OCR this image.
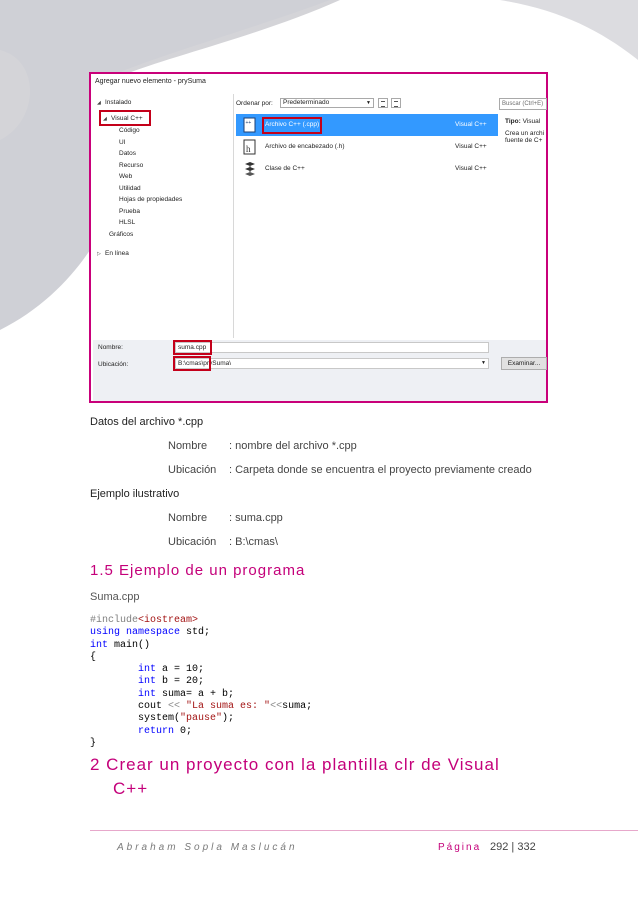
Agregar nuevo elemento - prySuma
◢ Instalado
◢ Visual C++
Código
UI
Datos
Recurso
Web
Utilidad
Hojas de propiedades
Prueba
HLSL
Gráficos
▷ En línea
Ordenar por:	Predeterminado	▼	Buscar (Ctrl+E)
++ Archivo C++ (.cpp)	Visual C++
h Archivo de encabezado (.h)	Visual C++
Clase de C++	Visual C++
Tipo: Visual
Crea un archi
fuente de C+
Nombre:	suma.cpp
Ubicación:	B:\cmas\prySuma\	▼	Examinar...
Datos del archivo *.cpp
Nombre : nombre del archivo *.cpp
Ubicación : Carpeta donde se encuentra el proyecto previamente creado
Ejemplo ilustrativo
Nombre : suma.cpp
Ubicación : B:\cmas\
1.5 Ejemplo de un programa
Suma.cpp
#include<iostream>
using namespace std;
int main()
{
int a = 10;
int b = 20;
int suma= a + b;
cout << "La suma es: "<<suma;
system("pause");
return 0;
}
2 Crear un proyecto con la plantilla clr de Visual
C++
Abraham Sopla Maslucán	Página 292 | 332
